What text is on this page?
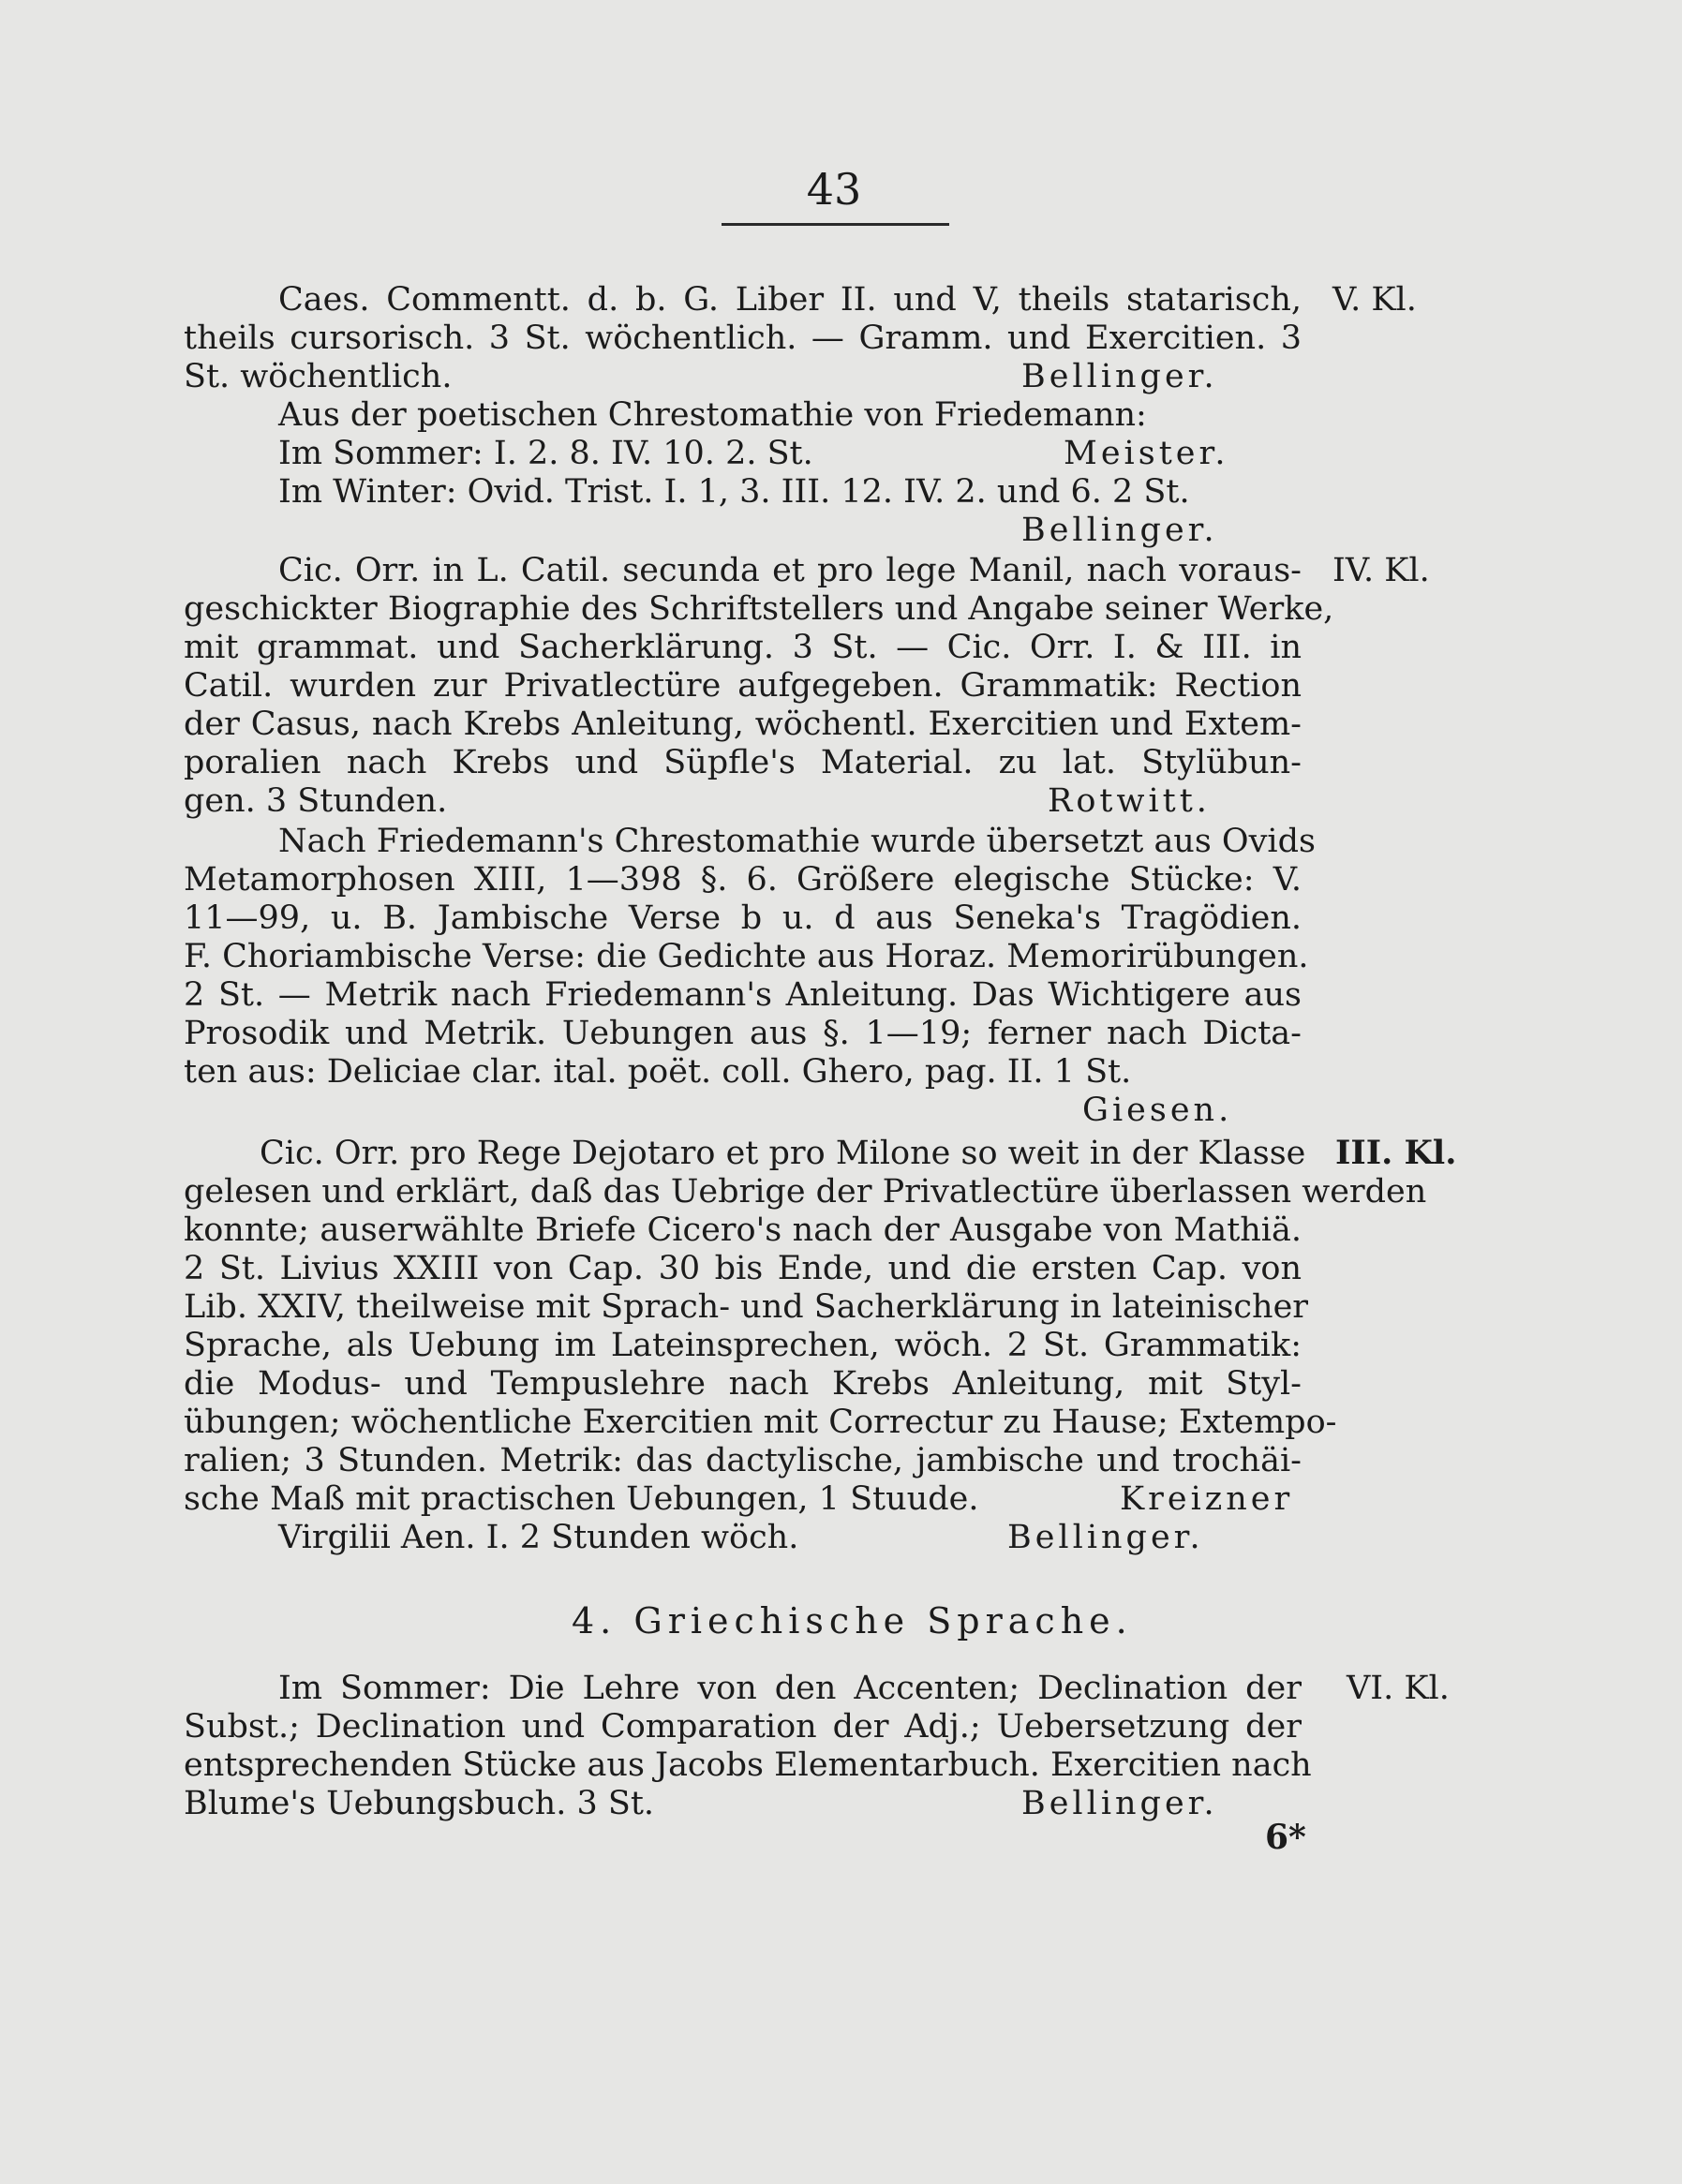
43
Caes. Commentt. d. b. G. Liber II. und V, theils statarisch, V. Kl.
theils cursorisch. 3 St. wöchentlich. — Gramm. und Exercitien. 3
St. wöchentlich.	Bellinger.
Aus der poetischen Chrestomathie von Friedemann:
Im Sommer: I. 2. 8. IV. 10. 2. St.	Meister.
Im Winter: Ovid. Trist. I. 1, 3. III. 12. IV. 2. und 6. 2 St.
Bellinger.
Cic. Orr. in L. Catil. secunda et pro lege Manil, nach voraus- IV. Kl.
geschickter Biographie des Schriftstellers und Angabe seiner Werke,
mit grammat. und Sacherklärung. 3 St. — Cic. Orr. I. & III. in
Catil. wurden zur Privatlectüre aufgegeben. Grammatik: Rection
der Casus, nach Krebs Anleitung, wöchentl. Exercitien und Extem-
poralien nach Krebs und Süpfle's Material. zu lat. Stylübun-
gen. 3 Stunden.	Rotwitt.
Nach Friedemann's Chrestomathie wurde übersetzt aus Ovids
Metamorphosen XIII, 1—398 §. 6. Größere elegische Stücke: V.
11—99, u. B. Jambische Verse b u. d aus Seneka's Tragödien.
F. Choriambische Verse: die Gedichte aus Horaz. Memorirübungen.
2 St. — Metrik nach Friedemann's Anleitung. Das Wichtigere aus
Prosodik und Metrik. Uebungen aus §. 1—19; ferner nach Dicta-
ten aus: Deliciae clar. ital. poët. coll. Ghero, pag. II. 1 St.
Giesen.
Cic. Orr. pro Rege Dejotaro et pro Milone so weit in der Klasse III. Kl.
gelesen und erklärt, daß das Uebrige der Privatlectüre überlassen werden
konnte; auserwählte Briefe Cicero's nach der Ausgabe von Mathiä.
2 St. Livius XXIII von Cap. 30 bis Ende, und die ersten Cap. von
Lib. XXIV, theilweise mit Sprach- und Sacherklärung in lateinischer
Sprache, als Uebung im Lateinsprechen, wöch. 2 St. Grammatik:
die Modus- und Tempuslehre nach Krebs Anleitung, mit Styl-
übungen; wöchentliche Exercitien mit Correctur zu Hause; Extempo-
ralien; 3 Stunden. Metrik: das dactylische, jambische und trochäi-
sche Maß mit practischen Uebungen, 1 Stuude.	Kreizner
Virgilii Aen. I. 2 Stunden wöch.	Bellinger.
4. Griechische Sprache.
Im Sommer: Die Lehre von den Accenten; Declination der VI. Kl.
Subst.; Declination und Comparation der Adj.; Uebersetzung der
entsprechenden Stücke aus Jacobs Elementarbuch. Exercitien nach
Blume's Uebungsbuch. 3 St.	Bellinger.
6*
